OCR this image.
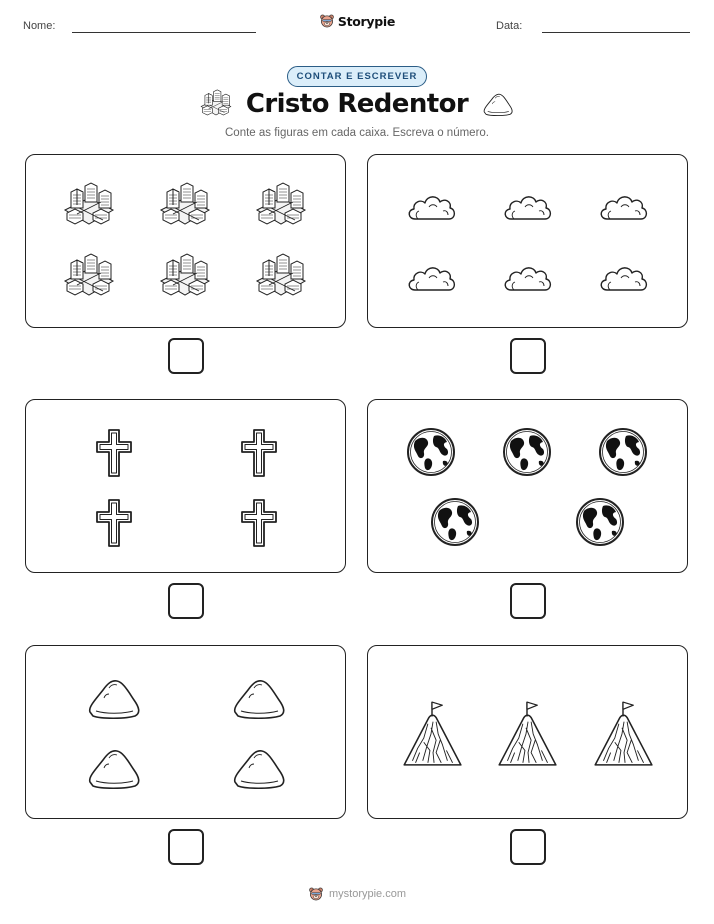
Nome:	Storypie	Data:
CONTAR E ESCREVER
Cristo Redentor
Conte as figuras em cada caixa. Escreva o número.
mystorypie.com
